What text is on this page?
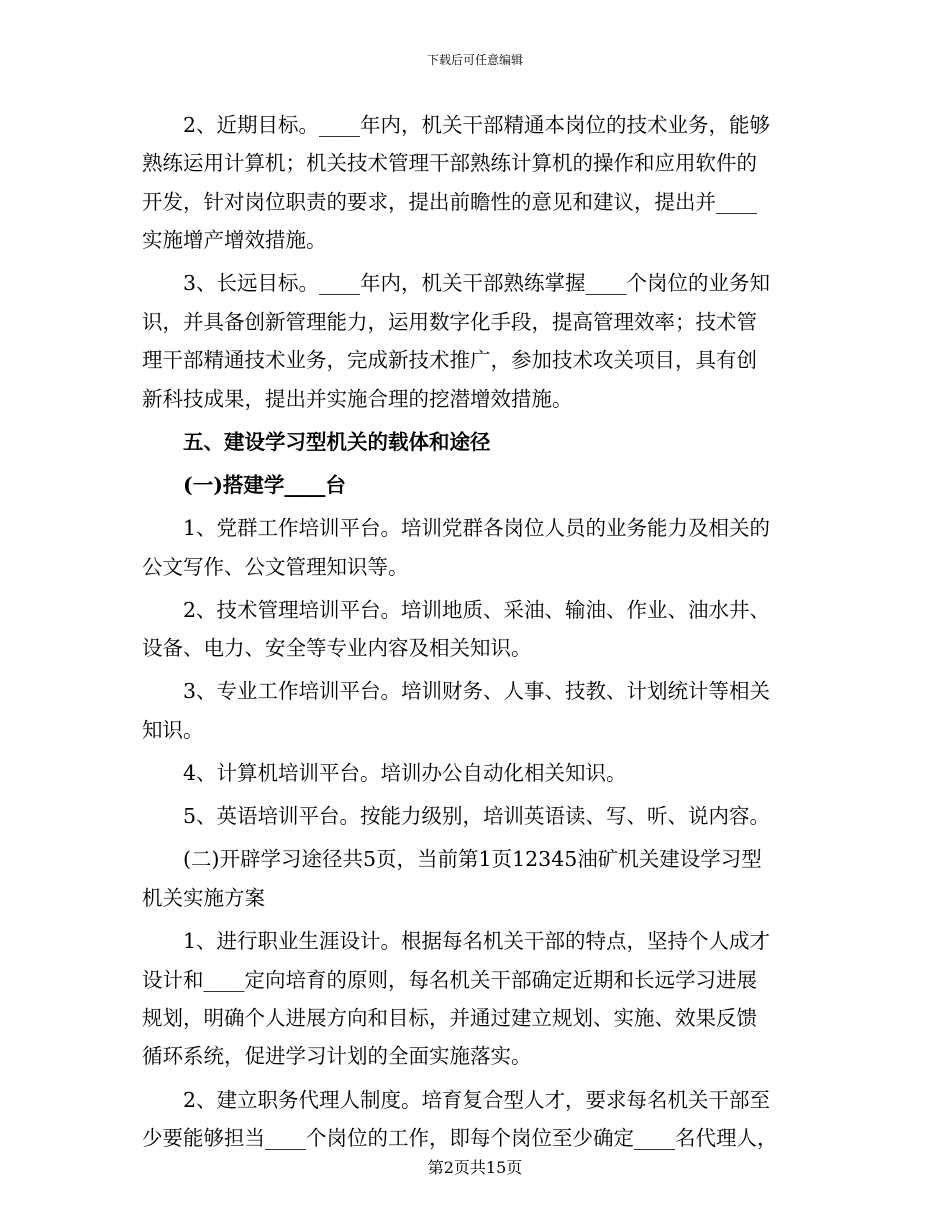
下载后可任意编辑

2、近期目标。____年内，机关干部精通本岗位的技术业务，能够
熟练运用计算机；机关技术管理干部熟练计算机的操作和应用软件的
开发，针对岗位职责的要求，提出前瞻性的意见和建议，提出并____
实施增产增效措施。

3、长远目标。____年内，机关干部熟练掌握____个岗位的业务知
识，并具备创新管理能力，运用数字化手段，提高管理效率；技术管
理干部精通技术业务，完成新技术推广，参加技术攻关项目，具有创
新科技成果，提出并实施合理的挖潜增效措施。

五、建设学习型机关的载体和途径

(一)搭建学____台

1、党群工作培训平台。培训党群各岗位人员的业务能力及相关的
公文写作、公文管理知识等。

2、技术管理培训平台。培训地质、采油、输油、作业、油水井、
设备、电力、安全等专业内容及相关知识。

3、专业工作培训平台。培训财务、人事、技教、计划统计等相关
知识。

4、计算机培训平台。培训办公自动化相关知识。

5、英语培训平台。按能力级别，培训英语读、写、听、说内容。

(二)开辟学习途径共5页，当前第1页12345油矿机关建设学习型
机关实施方案

1、进行职业生涯设计。根据每名机关干部的特点，坚持个人成才
设计和____定向培育的原则，每名机关干部确定近期和长远学习进展
规划，明确个人进展方向和目标，并通过建立规划、实施、效果反馈
循环系统，促进学习计划的全面实施落实。

2、建立职务代理人制度。培育复合型人才，要求每名机关干部至
少要能够担当____个岗位的工作，即每个岗位至少确定____名代理人，

第2页共15页
